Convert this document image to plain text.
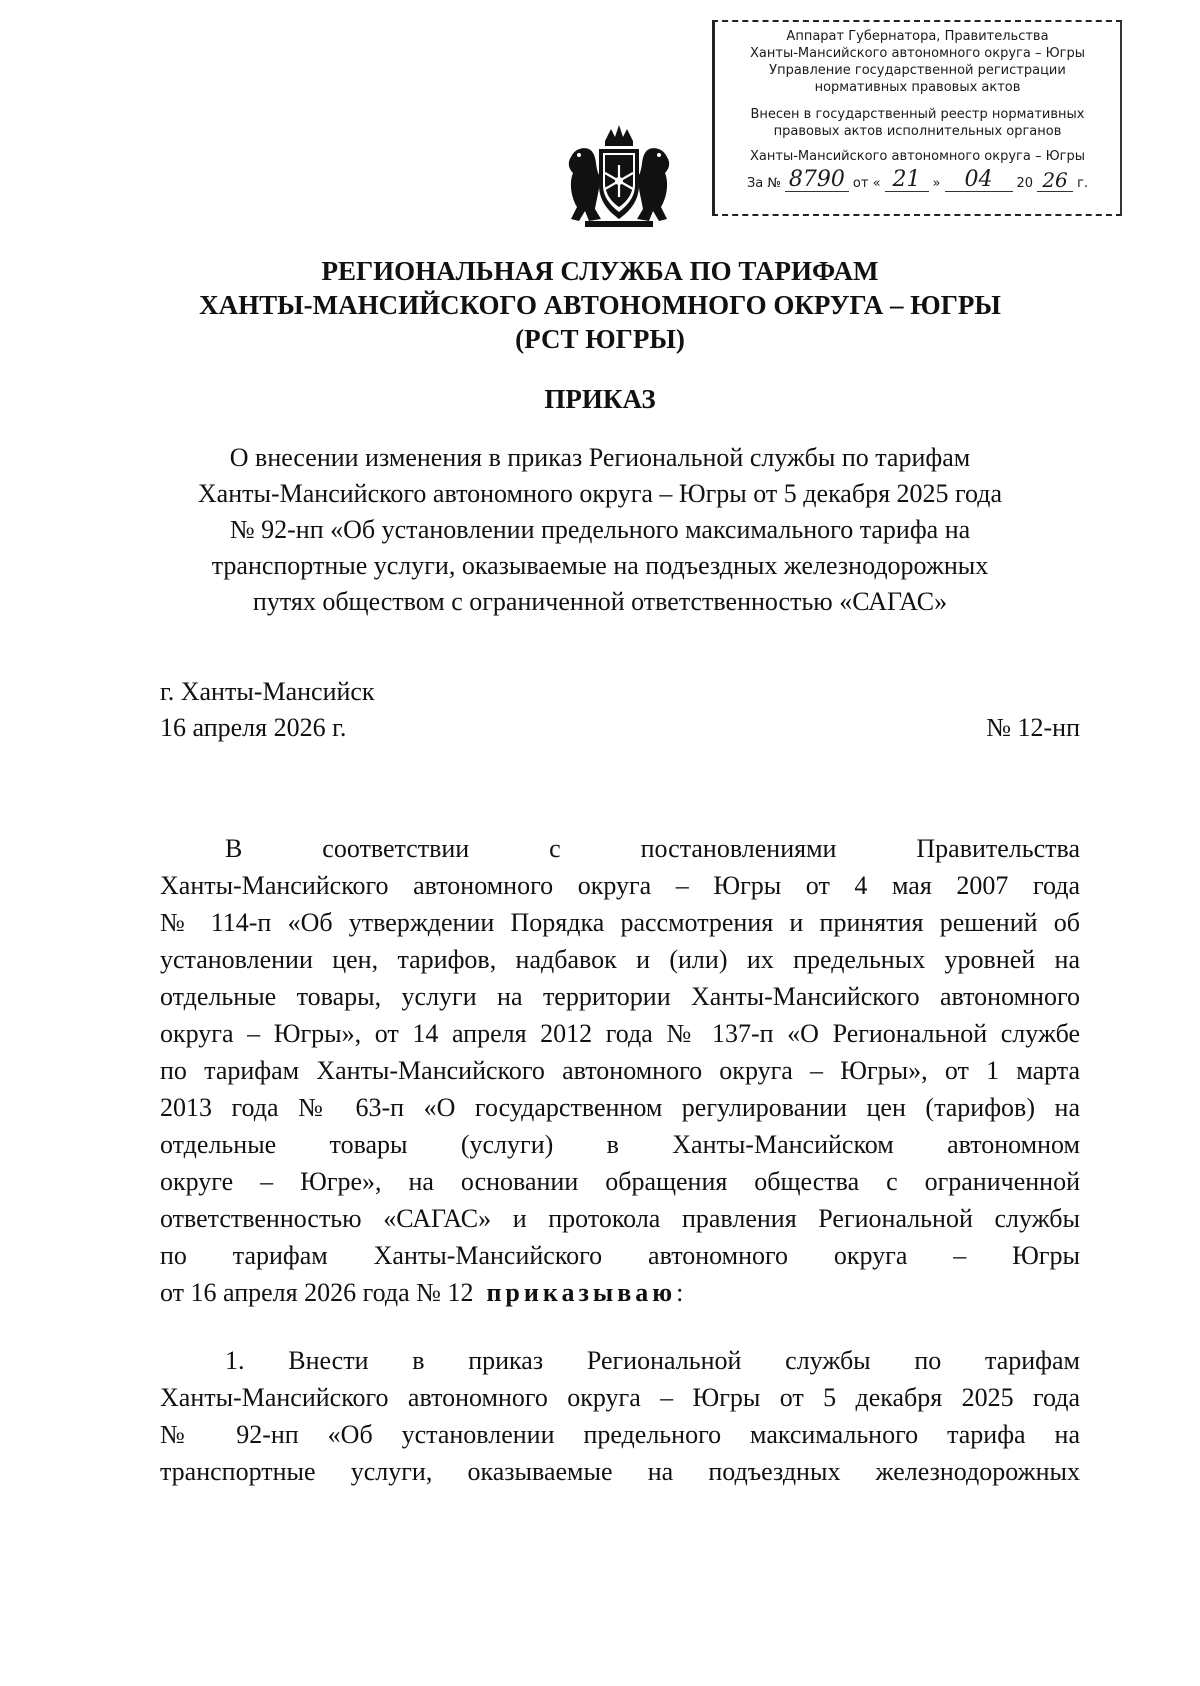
Аппарат Губернатора, Правительства
Ханты-Мансийского автономного округа – Югры
Управление государственной регистрации
нормативных правовых актов
Внесен в государственный реестр нормативных
правовых актов исполнительных органов
Ханты-Мансийского автономного округа – Югры
За № 8790 от « 21 »	04	20 26 г.
РЕГИОНАЛЬНАЯ СЛУЖБА ПО ТАРИФАМ
ХАНТЫ-МАНСИЙСКОГО АВТОНОМНОГО ОКРУГА – ЮГРЫ
(РСТ ЮГРЫ)
ПРИКАЗ
О внесении изменения в приказ Региональной службы по тарифам
Ханты-Мансийского автономного округа – Югры от 5 декабря 2025 года
№ 92-нп «Об установлении предельного максимального тарифа на
транспортные услуги, оказываемые на подъездных железнодорожных
путях обществом с ограниченной ответственностью «САГАС»
г. Ханты-Мансийск
16 апреля 2026 г.	№ 12-нп
В соответствии с постановлениями Правительства
Ханты-Мансийского автономного округа – Югры от 4 мая 2007 года
№ 114-п «Об утверждении Порядка рассмотрения и принятия решений об
установлении цен, тарифов, надбавок и (или) их предельных уровней на
отдельные товары, услуги на территории Ханты-Мансийского автономного
округа – Югры», от 14 апреля 2012 года № 137-п «О Региональной службе
по тарифам Ханты-Мансийского автономного округа – Югры», от 1 марта
2013 года № 63-п «О государственном регулировании цен (тарифов) на
отдельные товары (услуги) в Ханты-Мансийском автономном
округе – Югре», на основании обращения общества с ограниченной
ответственностью «САГАС» и протокола правления Региональной службы
по тарифам Ханты-Мансийского автономного округа – Югры
от 16 апреля 2026 года № 12 приказываю:
1. Внести в приказ Региональной службы по тарифам
Ханты-Мансийского автономного округа – Югры от 5 декабря 2025 года
№ 92-нп «Об установлении предельного максимального тарифа на
транспортные услуги, оказываемые на подъездных железнодорожных
